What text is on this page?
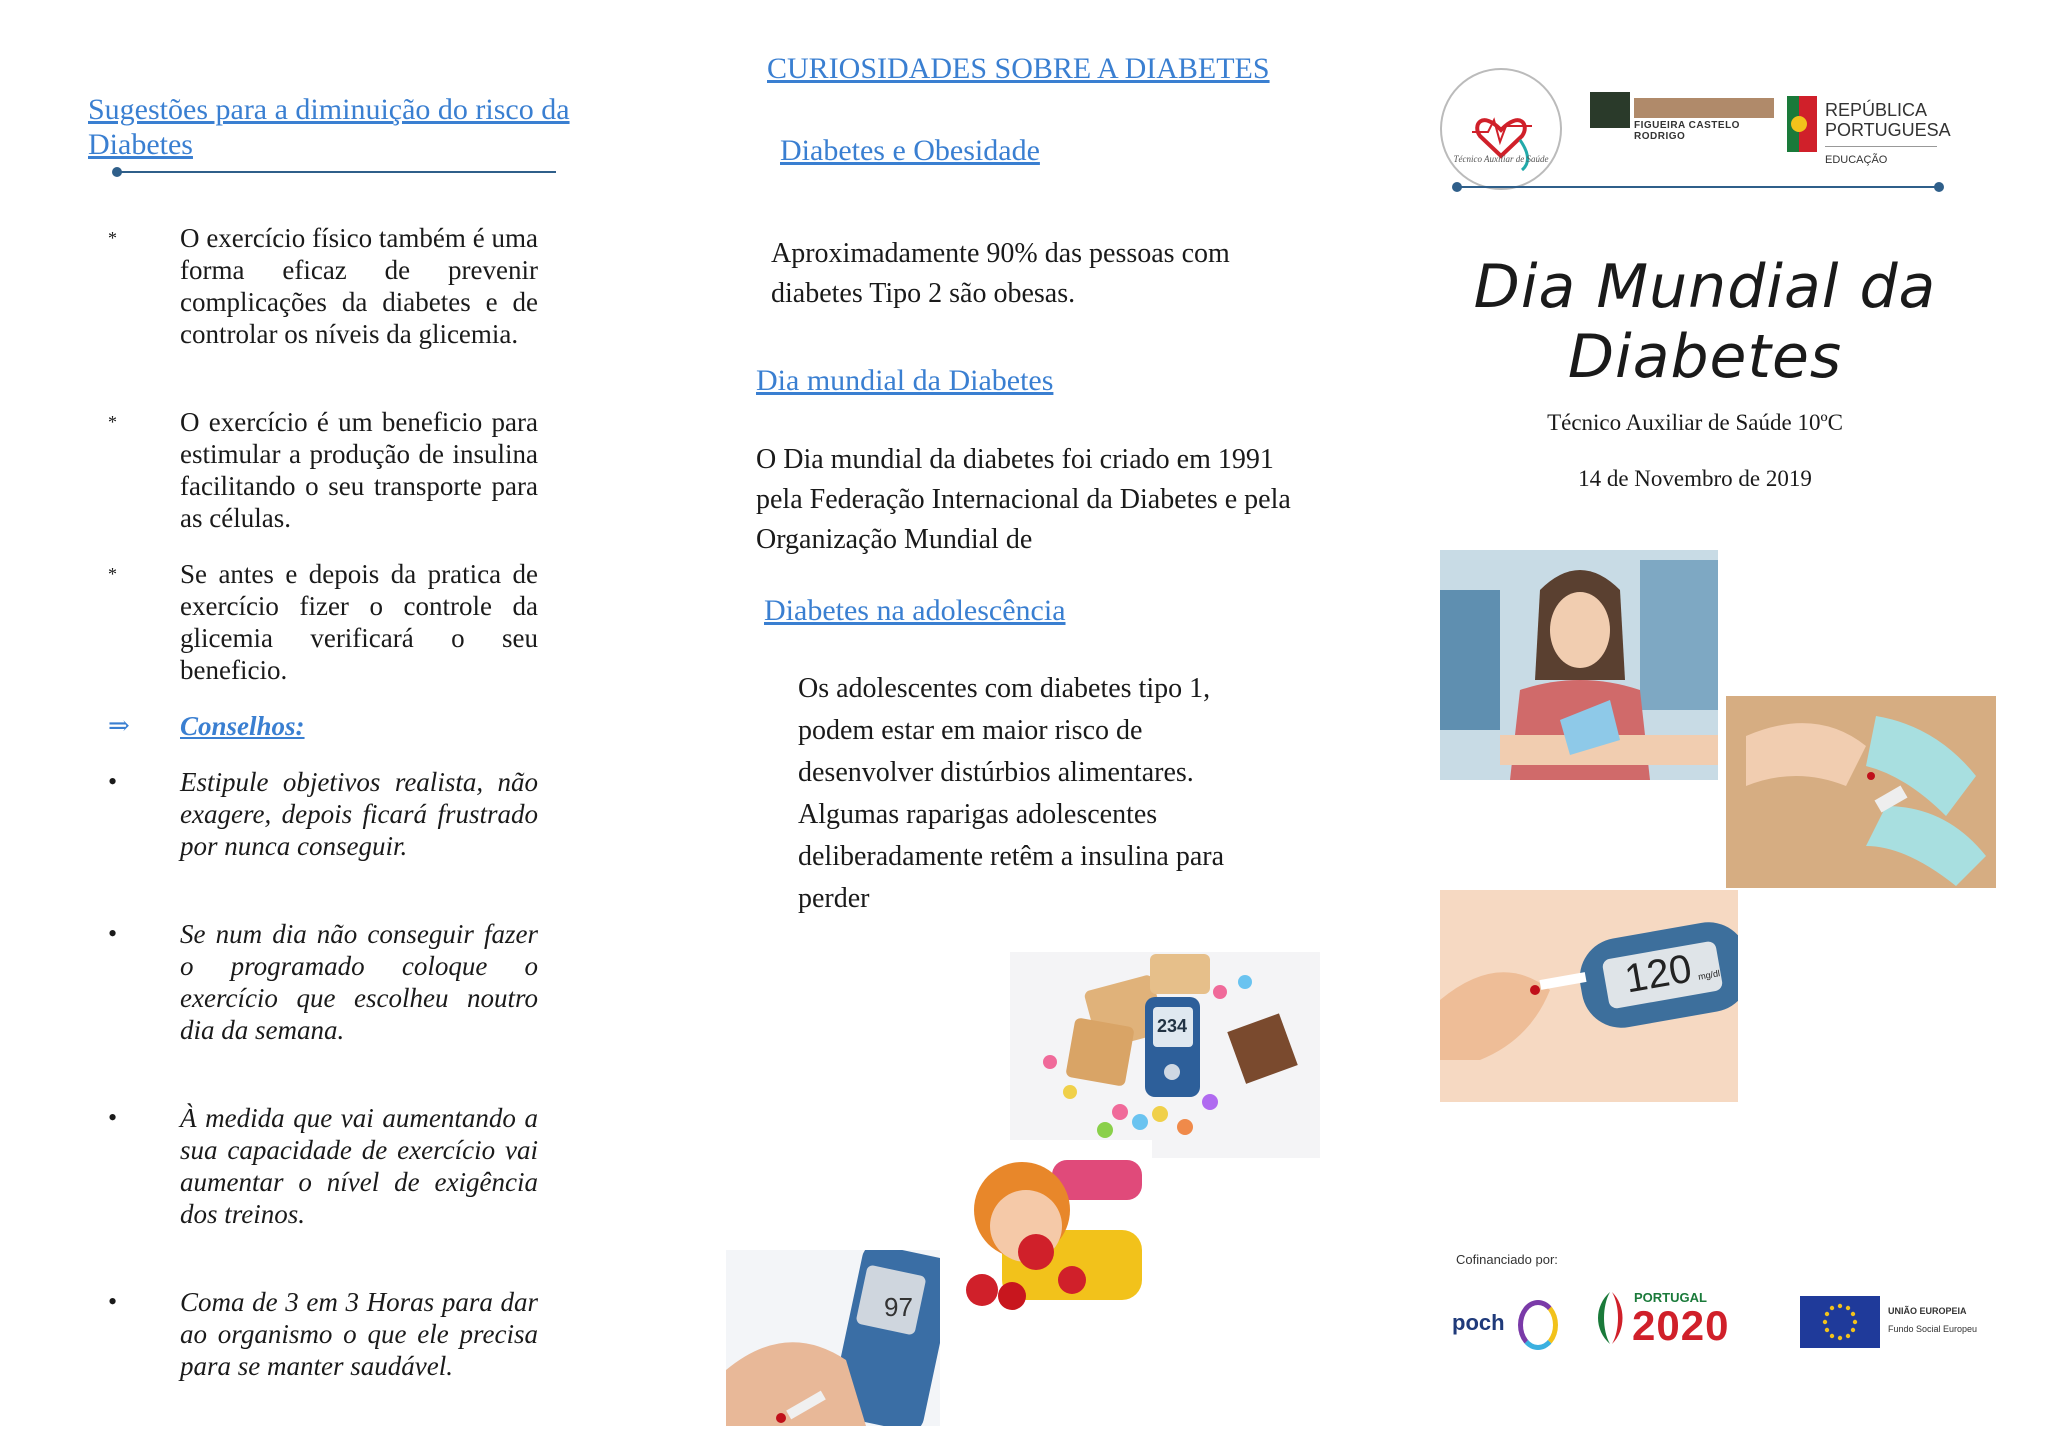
Sugestões para a diminuição do risco da Diabetes
*	O exercício físico também é uma forma eficaz de prevenir complicações da diabetes e de controlar os níveis da glicemia.
*	O exercício é um beneficio para estimular a produção de insulina facilitando o seu transporte para as células.
*	Se antes e depois da pratica de exercício fizer o controle da glicemia verificará o seu beneficio.
⇒	Conselhos:
•	Estipule objetivos realista, não exagere, depois ficará frustrado por nunca conseguir.
•	Se num dia não conseguir fazer o programado coloque o exercício que escolheu noutro dia da semana.
•	À medida que vai aumentando a sua capacidade de exercício vai aumentar o nível de exigência dos treinos.
•	Coma de 3 em 3 Horas para dar ao organismo o que ele precisa para se manter saudável.
CURIOSIDADES SOBRE A DIABETES
Diabetes e Obesidade
Aproximadamente 90% das pessoas com diabetes Tipo 2 são obesas.
Dia mundial da Diabetes
O Dia mundial da diabetes foi criado em 1991 pela Federação Internacional da Diabetes e pela Organização Mundial de
Diabetes na adolescência
Os adolescentes com diabetes tipo 1, podem estar em maior risco de desenvolver distúrbios alimentares. Algumas raparigas adolescentes deliberadamente retêm a insulina para perder
234
97
Técnico Auxiliar de Saúde
FIGUEIRA CASTELO RODRIGO
REPÚBLICA
PORTUGUESA
EDUCAÇÃO
Dia Mundial da Diabetes
Técnico Auxiliar de Saúde 10ºC
14 de Novembro de 2019
120 mg/dl
Cofinanciado por:
poch
PORTUGAL
2020	UNIÃO EUROPEIA
Fundo Social Europeu
